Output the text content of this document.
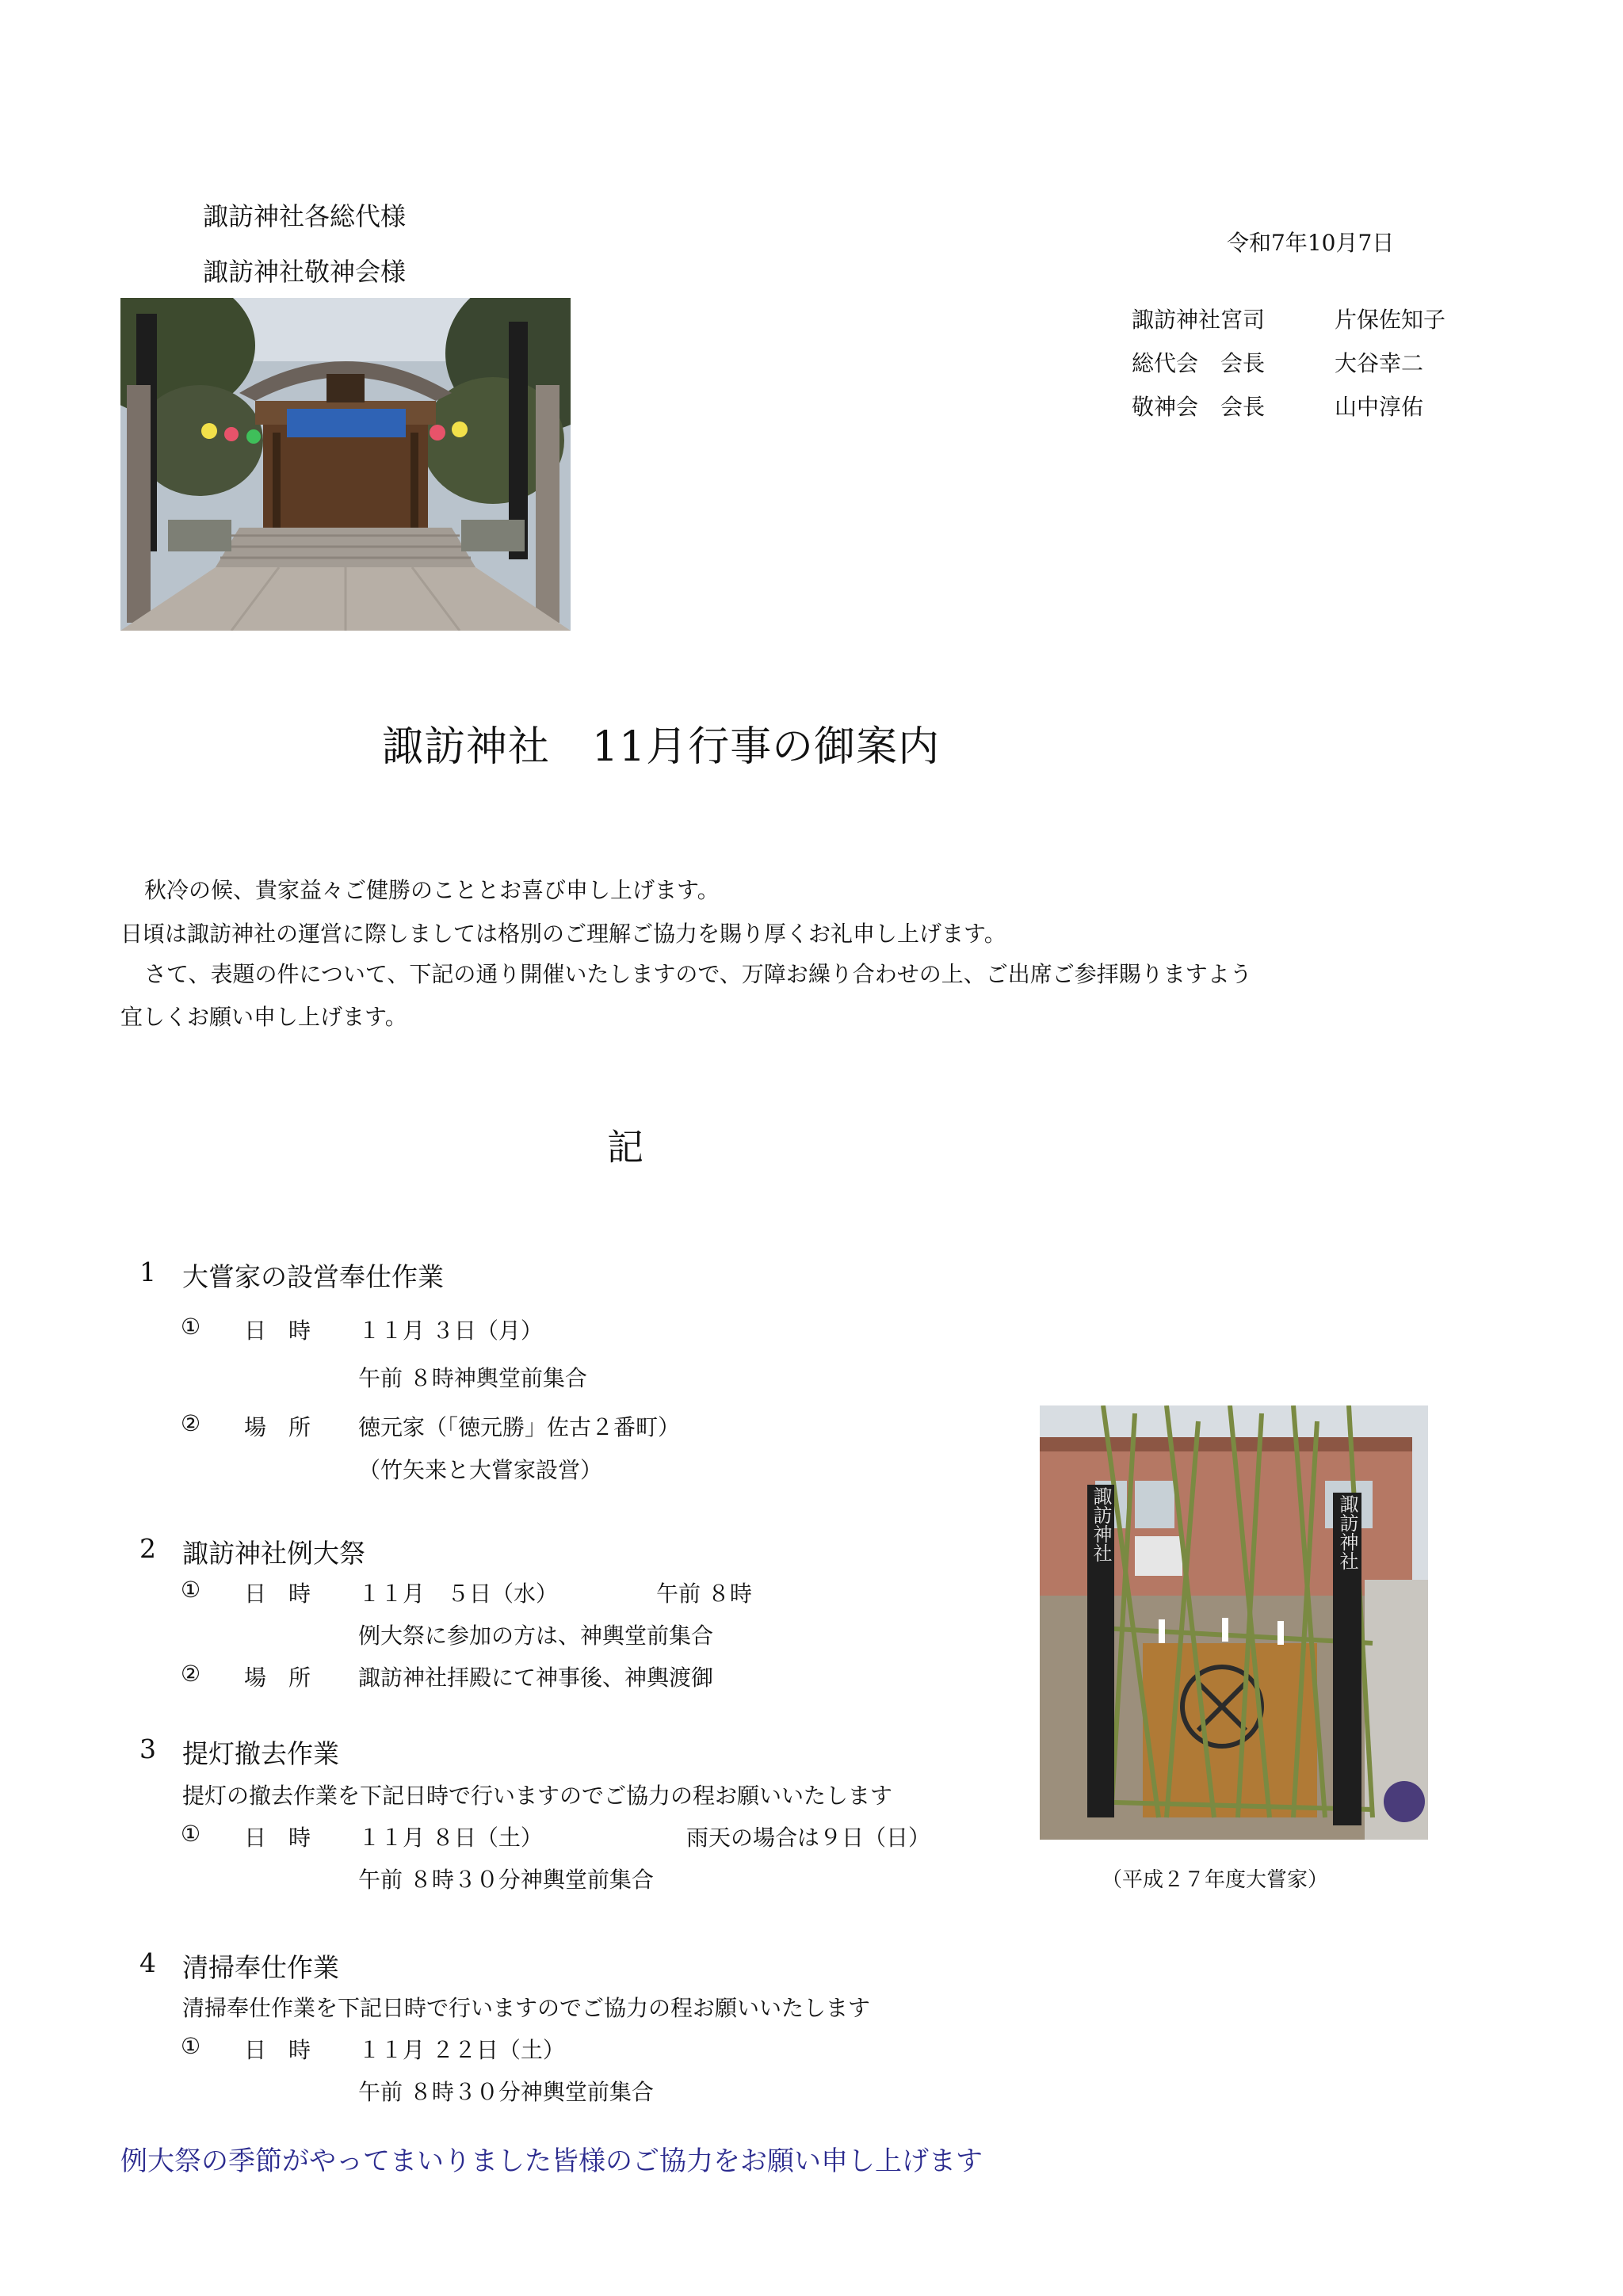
諏訪神社各総代様
諏訪神社敬神会様
令和7年10月7日
諏訪神社宮司	片保佐知子
総代会　会長	大谷幸二
敬神会　会長	山中淳佑
諏訪神社　11月行事の御案内
秋冷の候、貴家益々ご健勝のこととお喜び申し上げます。
日頃は諏訪神社の運営に際しましては格別のご理解ご協力を賜り厚くお礼申し上げます。
さて、表題の件について、下記の通り開催いたしますので、万障お繰り合わせの上、ご出席ご参拝賜りますよう
宜しくお願い申し上げます。
記
1 大嘗家の設営奉仕作業
① 日　時 １１月 ３日（月）
午前 ８時神輿堂前集合
② 場　所 徳元家（「徳元勝」佐古２番町）
（竹矢来と大嘗家設営）
2 諏訪神社例大祭
① 日　時 １１月　５日（水）	午前 ８時
例大祭に参加の方は、神輿堂前集合
② 場　所 諏訪神社拝殿にて神事後、神輿渡御
3 提灯撤去作業
提灯の撤去作業を下記日時で行いますのでご協力の程お願いいたします
① 日　時 １１月 ８日（土）	雨天の場合は９日（日）
午前 ８時３０分神輿堂前集合
4 清掃奉仕作業
清掃奉仕作業を下記日時で行いますのでご協力の程お願いいたします
① 日　時 １１月 ２２日（土）
午前 ８時３０分神輿堂前集合
諏訪神社	諏訪神社
（平成２７年度大嘗家）
例大祭の季節がやってまいりました皆様のご協力をお願い申し上げます
